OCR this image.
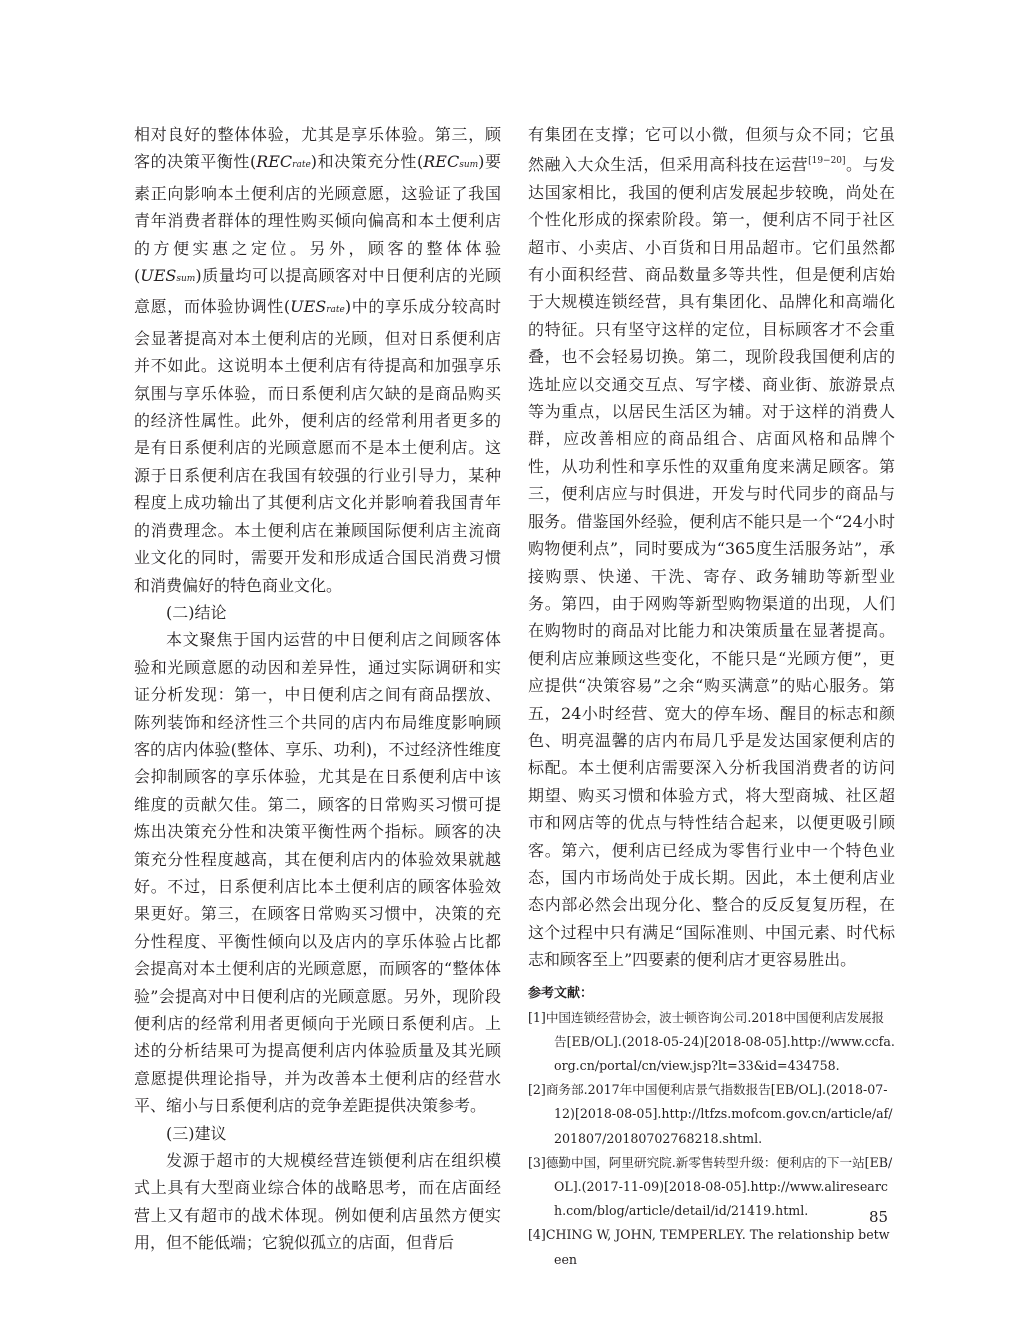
相对良好的整体体验，尤其是享乐体验。第三，顾客的决策平衡性(RECrate)和决策充分性(RECsum)要素正向影响本土便利店的光顾意愿，这验证了我国青年消费者群体的理性购买倾向偏高和本土便利店的方便实惠之定位。另外，顾客的整体体验(UESsum)质量均可以提高顾客对中日便利店的光顾意愿，而体验协调性(UESrate)中的享乐成分较高时会显著提高对本土便利店的光顾，但对日系便利店并不如此。这说明本土便利店有待提高和加强享乐氛围与享乐体验，而日系便利店欠缺的是商品购买的经济性属性。此外，便利店的经常利用者更多的是有日系便利店的光顾意愿而不是本土便利店。这源于日系便利店在我国有较强的行业引导力，某种程度上成功输出了其便利店文化并影响着我国青年的消费理念。本土便利店在兼顾国际便利店主流商业文化的同时，需要开发和形成适合国民消费习惯和消费偏好的特色商业文化。

(二)结论

本文聚焦于国内运营的中日便利店之间顾客体验和光顾意愿的动因和差异性，通过实际调研和实证分析发现：第一，中日便利店之间有商品摆放、陈列装饰和经济性三个共同的店内布局维度影响顾客的店内体验(整体、享乐、功利)，不过经济性维度会抑制顾客的享乐体验，尤其是在日系便利店中该维度的贡献欠佳。第二，顾客的日常购买习惯可提炼出决策充分性和决策平衡性两个指标。顾客的决策充分性程度越高，其在便利店内的体验效果就越好。不过，日系便利店比本土便利店的顾客体验效果更好。第三，在顾客日常购买习惯中，决策的充分性程度、平衡性倾向以及店内的享乐体验占比都会提高对本土便利店的光顾意愿，而顾客的“整体体验”会提高对中日便利店的光顾意愿。另外，现阶段便利店的经常利用者更倾向于光顾日系便利店。上述的分析结果可为提高便利店内体验质量及其光顾意愿提供理论指导，并为改善本土便利店的经营水平、缩小与日系便利店的竞争差距提供决策参考。

(三)建议

发源于超市的大规模经营连锁便利店在组织模式上具有大型商业综合体的战略思考，而在店面经营上又有超市的战术体现。例如便利店虽然方便实用，但不能低端；它貌似孤立的店面，但背后

有集团在支撑；它可以小微，但须与众不同；它虽然融入大众生活，但采用高科技在运营[19−20]。与发达国家相比，我国的便利店发展起步较晚，尚处在个性化形成的探索阶段。第一，便利店不同于社区超市、小卖店、小百货和日用品超市。它们虽然都有小面积经营、商品数量多等共性，但是便利店始于大规模连锁经营，具有集团化、品牌化和高端化的特征。只有坚守这样的定位，目标顾客才不会重叠，也不会轻易切换。第二，现阶段我国便利店的选址应以交通交互点、写字楼、商业街、旅游景点等为重点，以居民生活区为辅。对于这样的消费人群，应改善相应的商品组合、店面风格和品牌个性，从功利性和享乐性的双重角度来满足顾客。第三，便利店应与时俱进，开发与时代同步的商品与服务。借鉴国外经验，便利店不能只是一个“24小时购物便利点”，同时要成为“365度生活服务站”，承接购票、快递、干洗、寄存、政务辅助等新型业务。第四，由于网购等新型购物渠道的出现，人们在购物时的商品对比能力和决策质量在显著提高。便利店应兼顾这些变化，不能只是“光顾方便”，更应提供“决策容易”之余“购买满意”的贴心服务。第五，24小时经营、宽大的停车场、醒目的标志和颜色、明亮温馨的店内布局几乎是发达国家便利店的标配。本土便利店需要深入分析我国消费者的访问期望、购买习惯和体验方式，将大型商城、社区超市和网店等的优点与特性结合起来，以便更吸引顾客。第六，便利店已经成为零售行业中一个特色业态，国内市场尚处于成长期。因此，本土便利店业态内部必然会出现分化、整合的反反复复历程，在这个过程中只有满足“国际准则、中国元素、时代标志和顾客至上”四要素的便利店才更容易胜出。

参考文献：
[1]中国连锁经营协会，波士顿咨询公司.2018中国便利店发展报告[EB/OL].(2018-05-24)[2018-08-05].http://www.ccfa.org.cn/portal/cn/view.jsp?lt=33&id=434758.
[2]商务部.2017年中国便利店景气指数报告[EB/OL].(2018-07-12)[2018-08-05].http://ltfzs.mofcom.gov.cn/article/af/201807/20180702768218.shtml.
[3]德勤中国，阿里研究院.新零售转型升级：便利店的下一站[EB/OL].(2017-11-09)[2018-08-05].http://www.aliresearch.com/blog/article/detail/id/21419.html.
[4]CHING W, JOHN, TEMPERLEY. The relationship between
85
